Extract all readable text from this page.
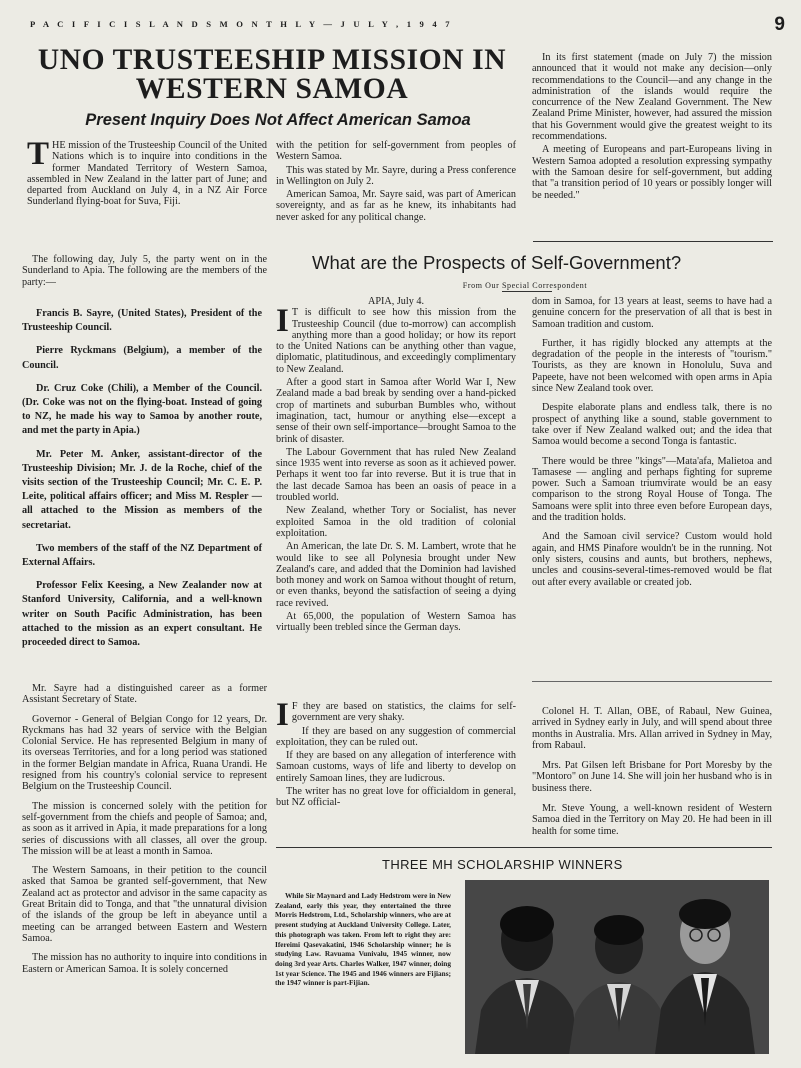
P A C I F I C I S L A N D S M O N T H L Y — J U L Y , 1 9 4 7	9
UNO TRUSTEESHIP MISSION IN
WESTERN SAMOA
Present Inquiry Does Not Affect American Samoa
T HE mission of the Trusteeship Council of the United Nations which is to inquire into conditions in the former Mandated Territory of Western Samoa, assembled in New Zealand in the latter part of June; and departed from Auckland on July 4, in a NZ Air Force Sunderland flying-boat for Suva, Fiji.

The following day, July 5, the party went on in the Sunderland to Apia. The following are the members of the party:—

Francis B. Sayre, (United States), President of the Trusteeship Council.

Pierre Ryckmans (Belgium), a member of the Council.

Dr. Cruz Coke (Chili), a Member of the Council. (Dr. Coke was not on the flying-boat. Instead of going to NZ, he made his way to Samoa by another route, and met the party in Apia.)

Mr. Peter M. Anker, assistant-director of the Trusteeship Division; Mr. J. de la Roche, chief of the visits section of the Trusteeship Council; Mr. C. E. P. Leite, political affairs officer; and Miss M. Respler — all attached to the Mission as members of the secretariat.

Two members of the staff of the NZ Department of External Affairs.

Professor Felix Keesing, a New Zealander now at Stanford University, California, and a well-known writer on South Pacific Administration, has been attached to the mission as an expert consultant. He proceeded direct to Samoa.

Mr. Sayre had a distinguished career as a former Assistant Secretary of State.

Governor - General of Belgian Congo for 12 years, Dr. Ryckmans has had 32 years of service with the Belgian Colonial Service. He has represented Belgium in many of its overseas Territories, and for a long period was stationed in the former Belgian mandate in Africa, Ruana Urandi. He resigned from his country's colonial service to represent Belgium on the Trusteeship Council.

The mission is concerned solely with the petition for self-government from the chiefs and people of Samoa; and, as soon as it arrived in Apia, it made preparations for a long series of discussions with all classes, all over the group. The mission will be at least a month in Samoa.

The Western Samoans, in their petition to the council asked that Samoa be granted self-government, that New Zealand act as protector and advisor in the same capacity as Great Britain did to Tonga, and that "the unnatural division of the islands of the group be left in abeyance until a meeting can be arranged between Eastern and Western Samoa.

The mission has no authority to inquire into conditions in Eastern or American Samoa. It is solely concerned

with the petition for self-government from peoples of Western Samoa.

This was stated by Mr. Sayre, during a Press conference in Wellington on July 2.

American Samoa, Mr. Sayre said, was part of American sovereignty, and as far as he knew, its inhabitants had never asked for any political change.

In its first statement (made on July 7) the mission announced that it would not make any decision—only recommendations to the Council—and any change in the administration of the islands would require the concurrence of the New Zealand Government. The New Zealand Prime Minister, however, had assured the mission that his Government would give the greatest weight to its recommendations.

A meeting of Europeans and part-Europeans living in Western Samoa adopted a resolution expressing sympathy with the Samoan desire for self-government, but adding that "a transition period of 10 years or possibly longer will be needed."

What are the Prospects of Self-Government?
From Our Special Correspondent

APIA, July 4.

I T is difficult to see how this mission from the Trusteeship Council (due to-morrow) can accomplish anything more than a good holiday; or how its report to the United Nations can be anything other than vague, diplomatic, platitudinous, and exceedingly complimentary to New Zealand.

After a good start in Samoa after World War I, New Zealand made a bad break by sending over a hand-picked crop of martinets and suburban Bumbles who, without imagination, tact, humour or anything else—except a sense of their own self-importance—brought Samoa to the brink of disaster.

The Labour Government that has ruled New Zealand since 1935 went into reverse as soon as it achieved power. Perhaps it went too far into reverse. But it is true that in the last decade Samoa has been an oasis of peace in a troubled world.

New Zealand, whether Tory or Socialist, has never exploited Samoa in the old tradition of colonial exploitation.

An American, the late Dr. S. M. Lambert, wrote that he would like to see all Polynesia brought under New Zealand's care, and added that the Dominion had lavished both money and work on Samoa without thought of return, or even thanks, beyond the satisfaction of seeing a dying race revived.

At 65,000, the population of Western Samoa has virtually been trebled since the German days.

I F they are based on statistics, the claims for self-government are very shaky.

If they are based on any suggestion of commercial exploitation, they can be ruled out.

If they are based on any allegation of interference with Samoan customs, ways of life and liberty to develop on entirely Samoan lines, they are ludicrous.

The writer has no great love for officialdom in general, but NZ official-

dom in Samoa, for 13 years at least, seems to have had a genuine concern for the preservation of all that is best in Samoan tradition and custom.

Further, it has rigidly blocked any attempts at the degradation of the people in the interests of "tourism." Tourists, as they are known in Honolulu, Suva and Papeete, have not been welcomed with open arms in Apia since New Zealand took over.

Despite elaborate plans and endless talk, there is no prospect of anything like a sound, stable government to take over if New Zealand walked out; and the idea that Samoa would become a second Tonga is fantastic.

There would be three "kings"—Mata'afa, Malietoa and Tamasese — angling and perhaps fighting for supreme power. Such a Samoan triumvirate would be an easy comparison to the strong Royal House of Tonga. The Samoans were split into three even before European days, and the tradition holds.

And the Samoan civil service? Custom would hold again, and HMS Pinafore wouldn't be in the running. Not only sisters, cousins and aunts, but brothers, nephews, uncles and cousins-several-times-removed would be flat out after every available or created job.

Colonel H. T. Allan, OBE, of Rabaul, New Guinea, arrived in Sydney early in July, and will spend about three months in Australia. Mrs. Allan arrived in Sydney in May, from Rabaul.

Mrs. Pat Gilsen left Brisbane for Port Moresby by the "Montoro" on June 14. She will join her husband who is in business there.

Mr. Steve Young, a well-known resident of Western Samoa died in the Territory on May 20. He had been in ill health for some time.

THREE MH SCHOLARSHIP WINNERS

While Sir Maynard and Lady Hedstrom were in New Zealand, early this year, they entertained the three Morris Hedstrom, Ltd., Scholarship winners, who are at present studying at Auckland University College. Later, this photograph was taken. From left to right they are: Ifereimi Qasevakatini, 1946 Scholarship winner; he is studying Law. Ravuama Vunivalu, 1945 winner, now doing 3rd year Arts. Charles Walker, 1947 winner, doing 1st year Science. The 1945 and 1946 winners are Fijians; the 1947 winner is part-Fijian.
